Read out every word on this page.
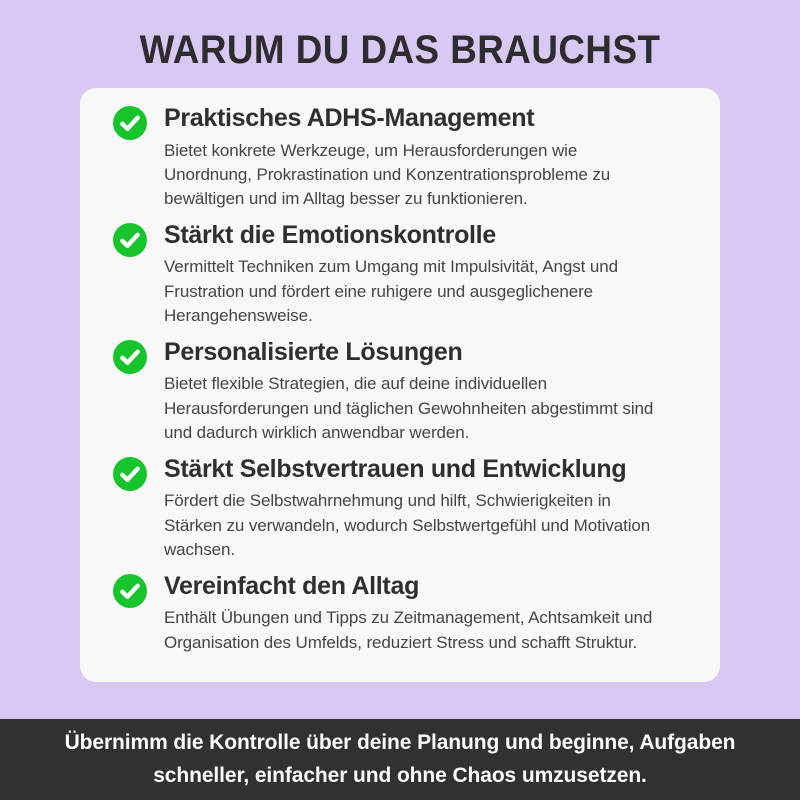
WARUM DU DAS BRAUCHST
Praktisches ADHS-Management

Bietet konkrete Werkzeuge, um Herausforderungen wie Unordnung, Prokrastination und Konzentrationsprobleme zu bewältigen und im Alltag besser zu funktionieren.

Stärkt die Emotionskontrolle

Vermittelt Techniken zum Umgang mit Impulsivität, Angst und Frustration und fördert eine ruhigere und ausgeglichenere Herangehensweise.

Personalisierte Lösungen

Bietet flexible Strategien, die auf deine individuellen Herausforderungen und täglichen Gewohnheiten abgestimmt sind und dadurch wirklich anwendbar werden.

Stärkt Selbstvertrauen und Entwicklung

Fördert die Selbstwahrnehmung und hilft, Schwierigkeiten in Stärken zu verwandeln, wodurch Selbstwertgefühl und Motivation wachsen.

Vereinfacht den Alltag

Enthält Übungen und Tipps zu Zeitmanagement, Achtsamkeit und Organisation des Umfelds, reduziert Stress und schafft Struktur.

Übernimm die Kontrolle über deine Planung und beginne, Aufgaben schneller, einfacher und ohne Chaos umzusetzen.
